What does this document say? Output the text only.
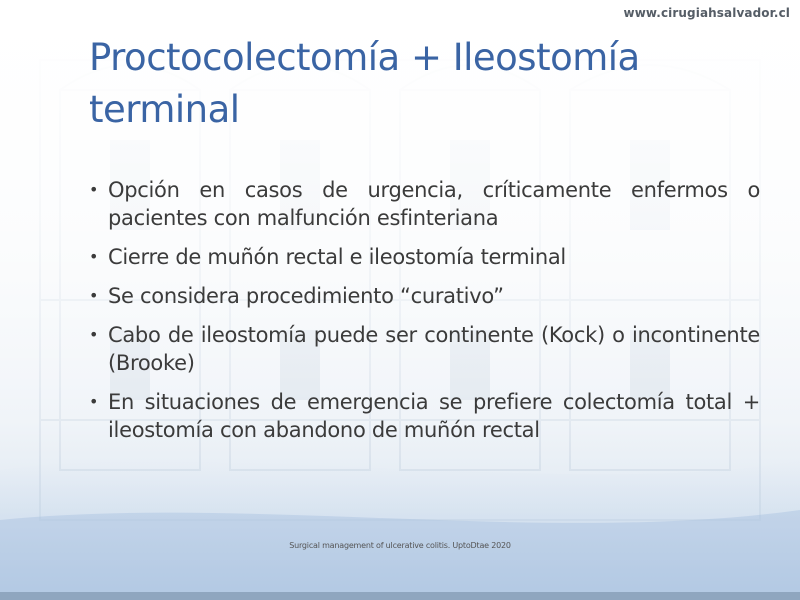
www.cirugiahsalvador.cl
Proctocolectomía + Ileostomía terminal
• Opción en casos de urgencia, críticamente enfermos o pacientes con malfunción esfinteriana
• Cierre de muñón rectal e ileostomía terminal
• Se considera procedimiento “curativo”
• Cabo de ileostomía puede ser continente (Kock) o incontinente (Brooke)
• En situaciones de emergencia se prefiere colectomía total + ileostomía con abandono de muñón rectal
Surgical management of ulcerative colitis. UptoDtae 2020
